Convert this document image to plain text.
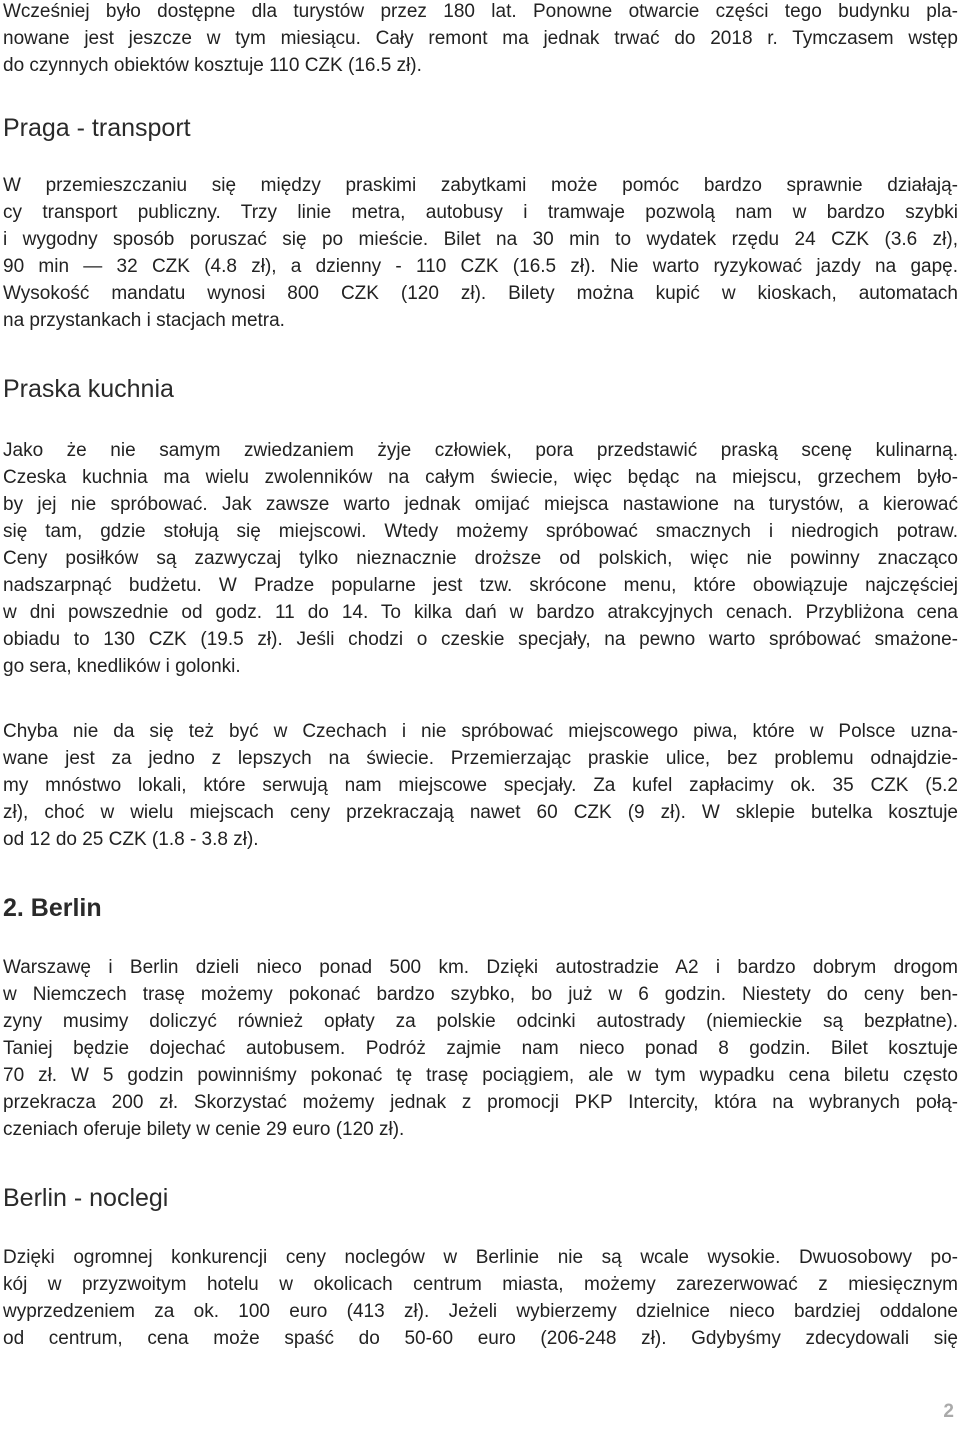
Wcześniej było dostępne dla turystów przez 180 lat. Ponowne otwarcie części tego budynku pla-
nowane jest jeszcze w tym miesiącu. Cały remont ma jednak trwać do 2018 r. Tymczasem wstęp
do czynnych obiektów kosztuje 110 CZK (16.5 zł).
Praga - transport
W przemieszczaniu się między praskimi zabytkami może pomóc bardzo sprawnie działają-
cy transport publiczny. Trzy linie metra, autobusy i tramwaje pozwolą nam w bardzo szybki
i wygodny sposób poruszać się po mieście. Bilet na 30 min to wydatek rzędu 24 CZK (3.6 zł),
90 min — 32 CZK (4.8 zł), a dzienny - 110 CZK (16.5 zł). Nie warto ryzykować jazdy na gapę.
Wysokość mandatu wynosi 800 CZK (120 zł). Bilety można kupić w kioskach, automatach
na przystankach i stacjach metra.
Praska kuchnia
Jako że nie samym zwiedzaniem żyje człowiek, pora przedstawić praską scenę kulinarną.
Czeska kuchnia ma wielu zwolenników na całym świecie, więc będąc na miejscu, grzechem było-
by jej nie spróbować. Jak zawsze warto jednak omijać miejsca nastawione na turystów, a kierować
się tam, gdzie stołują się miejscowi. Wtedy możemy spróbować smacznych i niedrogich potraw.
Ceny posiłków są zazwyczaj tylko nieznacznie droższe od polskich, więc nie powinny znacząco
nadszarpnąć budżetu. W Pradze popularne jest tzw. skrócone menu, które obowiązuje najczęściej
w dni powszednie od godz. 11 do 14. To kilka dań w bardzo atrakcyjnych cenach. Przybliżona cena
obiadu to 130 CZK (19.5 zł). Jeśli chodzi o czeskie specjały, na pewno warto spróbować smażone-
go sera, knedlików i golonki.
Chyba nie da się też być w Czechach i nie spróbować miejscowego piwa, które w Polsce uzna-
wane jest za jedno z lepszych na świecie. Przemierzając praskie ulice, bez problemu odnajdzie-
my mnóstwo lokali, które serwują nam miejscowe specjały. Za kufel zapłacimy ok. 35 CZK (5.2
zł), choć w wielu miejscach ceny przekraczają nawet 60 CZK (9 zł). W sklepie butelka kosztuje
od 12 do 25 CZK (1.8 - 3.8 zł).
2. Berlin
Warszawę i Berlin dzieli nieco ponad 500 km. Dzięki autostradzie A2 i bardzo dobrym drogom
w Niemczech trasę możemy pokonać bardzo szybko, bo już w 6 godzin. Niestety do ceny ben-
zyny musimy doliczyć również opłaty za polskie odcinki autostrady (niemieckie są bezpłatne).
Taniej będzie dojechać autobusem. Podróż zajmie nam nieco ponad 8 godzin. Bilet kosztuje
70 zł. W 5 godzin powinniśmy pokonać tę trasę pociągiem, ale w tym wypadku cena biletu często
przekracza 200 zł. Skorzystać możemy jednak z promocji PKP Intercity, która na wybranych połą-
czeniach oferuje bilety w cenie 29 euro (120 zł).
Berlin - noclegi
Dzięki ogromnej konkurencji ceny noclegów w Berlinie nie są wcale wysokie. Dwuosobowy po-
kój w przyzwoitym hotelu w okolicach centrum miasta, możemy zarezerwować z miesięcznym
wyprzedzeniem za ok. 100 euro (413 zł). Jeżeli wybierzemy dzielnice nieco bardziej oddalone
od centrum, cena może spaść do 50-60 euro (206-248 zł). Gdybyśmy zdecydowali się
2
